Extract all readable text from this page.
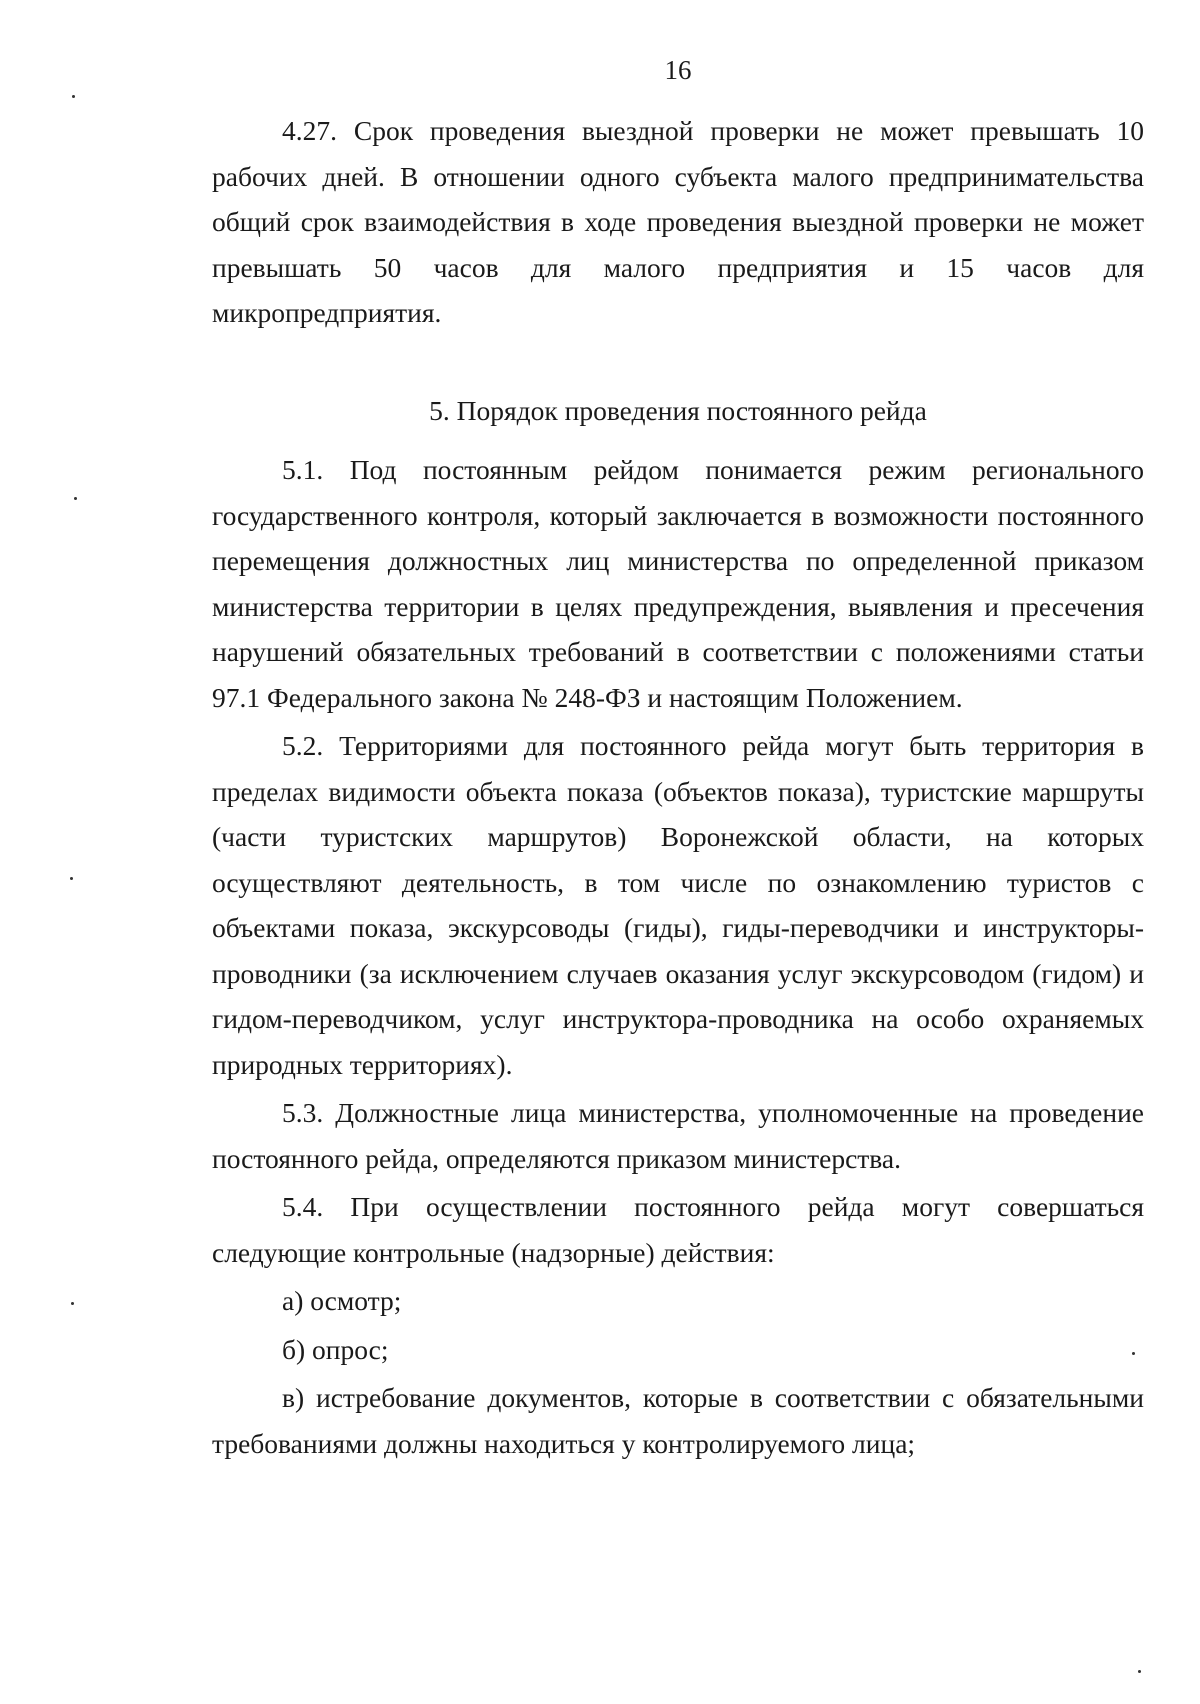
16

4.27. Срок проведения выездной проверки не может превышать 10 рабочих дней. В отношении одного субъекта малого предпринимательства общий срок взаимодействия в ходе проведения выездной проверки не может превышать 50 часов для малого предприятия и 15 часов для микропредприятия.

5. Порядок проведения постоянного рейда

5.1. Под постоянным рейдом понимается режим регионального государственного контроля, который заключается в возможности постоянного перемещения должностных лиц министерства по определенной приказом министерства территории в целях предупреждения, выявления и пресечения нарушений обязательных требований в соответствии с положениями статьи 97.1 Федерального закона № 248-ФЗ и настоящим Положением.

5.2. Территориями для постоянного рейда могут быть территория в пределах видимости объекта показа (объектов показа), туристские маршруты (части туристских маршрутов) Воронежской области, на которых осуществляют деятельность, в том числе по ознакомлению туристов с объектами показа, экскурсоводы (гиды), гиды-переводчики и инструкторы-проводники (за исключением случаев оказания услуг экскурсоводом (гидом) и гидом-переводчиком, услуг инструктора-проводника на особо охраняемых природных территориях).

5.3. Должностные лица министерства, уполномоченные на проведение постоянного рейда, определяются приказом министерства.

5.4. При осуществлении постоянного рейда могут совершаться следующие контрольные (надзорные) действия:

а) осмотр;

б) опрос;

в) истребование документов, которые в соответствии с обязательными требованиями должны находиться у контролируемого лица;
